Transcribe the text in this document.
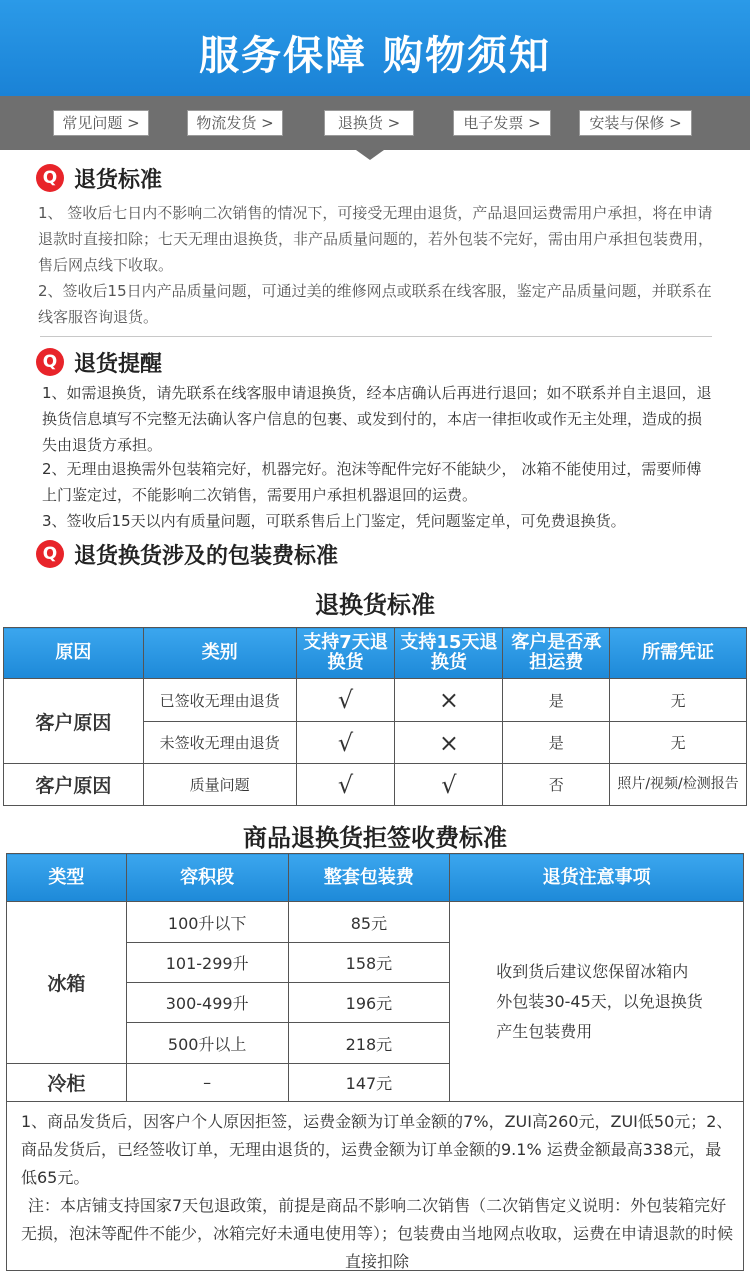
服务保障 购物须知
常见问题 >	物流发货 >	退换货 >	电子发票 >	安装与保修 >
Q 退货标准
1、 签收后七日内不影响二次销售的情况下，可接受无理由退货，产品退回运费需用户承担，将在申请退款时直接扣除；七天无理由退换货，非产品质量问题的，若外包装不完好，需由用户承担包装费用，售后网点线下收取。
2、签收后15日内产品质量问题，可通过美的维修网点或联系在线客服，鉴定产品质量问题，并联系在线客服咨询退货。
Q 退货提醒
1、如需退换货，请先联系在线客服申请退换货，经本店确认后再进行退回；如不联系并自主退回，退换货信息填写不完整无法确认客户信息的包裹、或发到付的，本店一律拒收或作无主处理，造成的损失由退货方承担。
2、无理由退换需外包装箱完好，机器完好。泡沫等配件完好不能缺少， 冰箱不能使用过，需要师傅上门鉴定过，不能影响二次销售，需要用户承担机器退回的运费。
3、签收后15天以内有质量问题，可联系售后上门鉴定，凭问题鉴定单，可免费退换货。
Q 退货换货涉及的包装费标准
退换货标准
原因	类别	支持7天退换货	支持15天退换货	客户是否承担运费	所需凭证
客户原因	已签收无理由退货	√	×	是	无
	未签收无理由退货	√	×	是	无
客户原因	质量问题	√	√	否	照片/视频/检测报告
商品退换货拒签收费标准
类型	容积段	整套包装费	退货注意事项
冰箱	100升以下	85元	收到货后建议您保留冰箱内外包装30-45天，以免退换货产生包装费用
	101-299升	158元	
	300-499升	196元	
	500升以上	218元	
冷柜	–	147元	
1、商品发货后，因客户个人原因拒签，运费金额为订单金额的7%，ZUI高260元，ZUI低50元；2、商品发货后，已经签收订单，无理由退货的，运费金额为订单金额的9.1% 运费金额最高338元，最低65元。
注：本店铺支持国家7天包退政策，前提是商品不影响二次销售（二次销售定义说明：外包装箱完好无损，泡沫等配件不能少，冰箱完好未通电使用等）；包装费由当地网点收取，运费在申请退款的时候直接扣除
